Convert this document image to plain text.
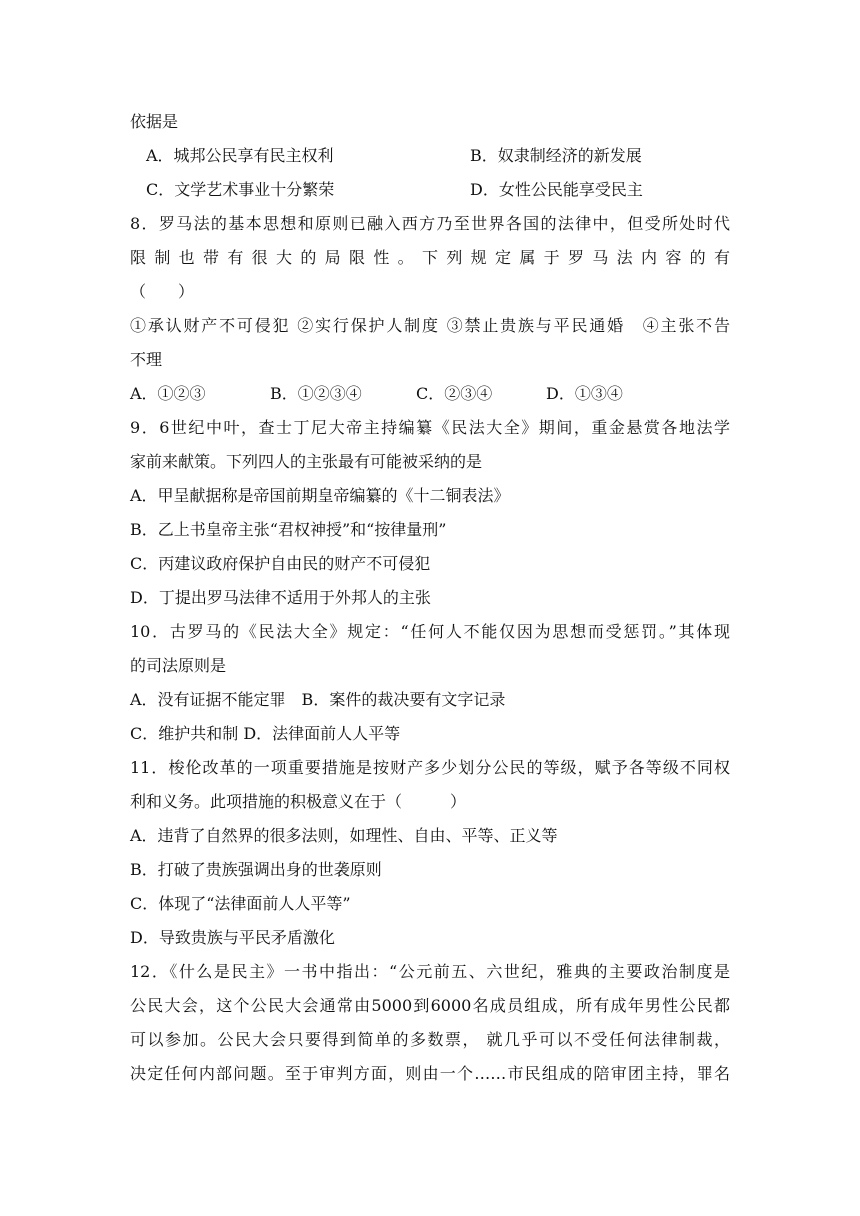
依据是
A．城邦公民享有民主权利	B．奴隶制经济的新发展
C．文学艺术事业十分繁荣	D．女性公民能享受民主
8．罗马法的基本思想和原则已融入西方乃至世界各国的法律中，但受所处时代
限制也带有很大的局限性。下列规定属于罗马法内容的有
（　　）
①承认财产不可侵犯 ②实行保护人制度 ③禁止贵族与平民通婚　④主张不告
不理
A．①②③	B．①②③④	C．②③④	D．①③④
9．6世纪中叶，查士丁尼大帝主持编纂《民法大全》期间，重金悬赏各地法学
家前来献策。下列四人的主张最有可能被采纳的是
A．甲呈献据称是帝国前期皇帝编纂的《十二铜表法》
B．乙上书皇帝主张“君权神授”和“按律量刑”
C．丙建议政府保护自由民的财产不可侵犯
D．丁提出罗马法律不适用于外邦人的主张
10．古罗马的《民法大全》规定：“任何人不能仅因为思想而受惩罚。”其体现
的司法原则是
A．没有证据不能定罪　B．案件的裁决要有文字记录
C．维护共和制 D．法律面前人人平等
11．梭伦改革的一项重要措施是按财产多少划分公民的等级，赋予各等级不同权
利和义务。此项措施的积极意义在于（　　　）
A．违背了自然界的很多法则，如理性、自由、平等、正义等
B．打破了贵族强调出身的世袭原则
C．体现了“法律面前人人平等”
D．导致贵族与平民矛盾激化
12．《什么是民主》一书中指出：“公元前五、六世纪，雅典的主要政治制度是
公民大会，这个公民大会通常由5000到6000名成员组成，所有成年男性公民都
可以参加。公民大会只要得到简单的多数票， 就几乎可以不受任何法律制裁，
决定任何内部问题。至于审判方面，则由一个……市民组成的陪审团主持，罪名
